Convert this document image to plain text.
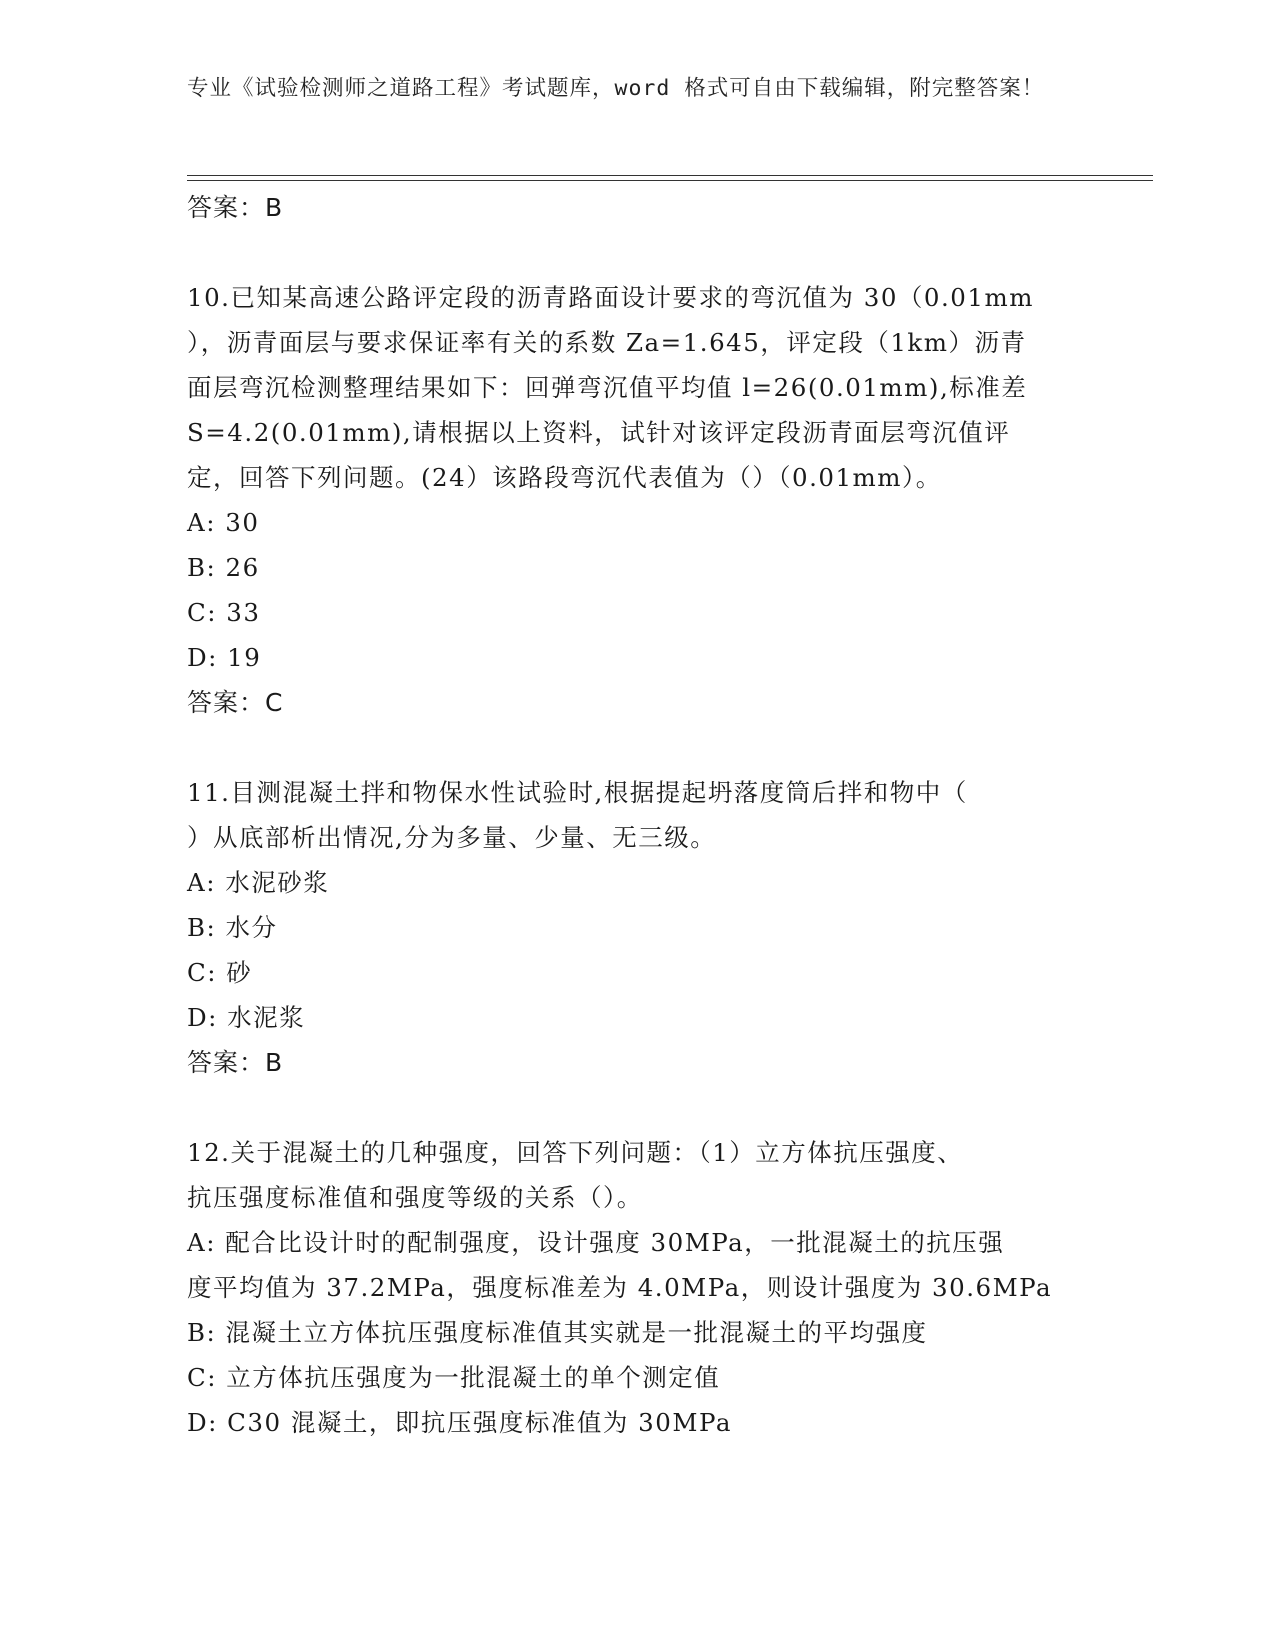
专业《试验检测师之道路工程》考试题库，word 格式可自由下载编辑，附完整答案！
答案：B
10.已知某高速公路评定段的沥青路面设计要求的弯沉值为 30（0.01mm
），沥青面层与要求保证率有关的系数 Za=1.645，评定段（1km）沥青
面层弯沉检测整理结果如下：回弹弯沉值平均值 l=26(0.01mm),标准差
S=4.2(0.01mm),请根据以上资料，试针对该评定段沥青面层弯沉值评
定，回答下列问题。(24）该路段弯沉代表值为（）（0.01mm）。
A: 30
B: 26
C: 33
D: 19
答案：C
11.目测混凝土拌和物保水性试验时,根据提起坍落度筒后拌和物中（
）从底部析出情况,分为多量、少量、无三级。
A: 水泥砂浆
B: 水分
C: 砂
D: 水泥浆
答案：B
12.关于混凝土的几种强度，回答下列问题：（1）立方体抗压强度、
抗压强度标准值和强度等级的关系（）。
A: 配合比设计时的配制强度，设计强度 30MPa，一批混凝土的抗压强
度平均值为 37.2MPa，强度标准差为 4.0MPa，则设计强度为 30.6MPa
B: 混凝土立方体抗压强度标准值其实就是一批混凝土的平均强度
C: 立方体抗压强度为一批混凝土的单个测定值
D: C30 混凝土，即抗压强度标准值为 30MPa
